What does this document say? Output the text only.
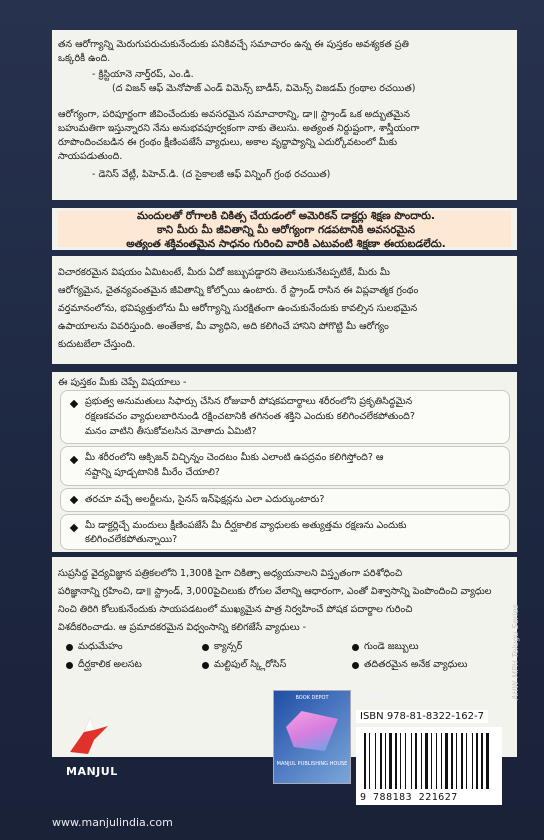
తన ఆరోగ్యాన్ని మెరుగుపరుచుకునేందుకు పనికివచ్చే సమాచారం ఉన్న ఈ పుస్తకం అవశ్యకత ప్రతి
ఒక్కరికీ ఉంది.
- క్రిస్టియానె నార్త్‌రప్, ఎం.డి.
(ద విజన్ ఆఫ్ మెనోపాజ్ ఎండ్ విమెన్స్ బాడీస్, విమెన్స్ విజడమ్ గ్రంథాల రచయిత)
ఆరోగ్యంగా, పరిపూర్ణంగా జీవించేందుకు అవసరమైన సమాచారాన్ని, డా॥ స్ట్రాండ్ ఒక అద్భుతమైన
బహుమతిగా ఇస్తున్నారని నేను అనుభవపూర్వకంగా నాకు తెలుసు. అత్యంత నిర్దుష్టంగా, శాస్త్రీయంగా
రూపొందించబడిన ఈ గ్రంథం క్షీణింపజేసే వ్యాధులు, అకాల వృద్ధాప్యాన్ని ఎదుర్కోవటంలో మీకు
సాయపడుతుంది.
- డెనిస్ వేట్లీ, పిహెచ్.డి. (ద సైకాలజీ ఆఫ్ విన్నింగ్ గ్రంథ రచయిత)
మందులతో రోగాలకి చికిత్స చేయడంలో అమెరికన్ డాక్టర్లు శిక్షణ పొందారు.
కాని మీరు మీ జీవితాన్ని మీ ఆరోగ్యంగా గడపటానికి అవసరమైన
అత్యంత శక్తివంతమైన సాధనం గురించి వారికి ఎటువంటి శిక్షణా ఈయబడలేదు.
విచారకరమైన విషయం ఏమిటంటే, మీరు ఏదో జబ్బుపడ్డారని తెలుసుకునేటప్పటికే, మీరు మీ
ఆరోగ్యమైన, చైతన్యవంతమైన జీవితాన్ని కోల్పోయి ఉంటారు. రే స్ట్రాండ్ రాసిన ఈ విప్లవాత్మక గ్రంథం
వర్తమానంలోను, భవిష్యత్తులోను మీ ఆరోగ్యాన్ని సురక్షితంగా ఉంచుకునేందుకు కావల్సిన సులభమైన
ఉపాయాలను వివరిస్తుంది. అంతేకాక, మీ వ్యాధిని, అది కలిగించే హానిని పోగొట్టి మీ ఆరోగ్యం
కుదుటబేలా చేస్తుంది.
ఈ పుస్తకం మీకు చెప్పే విషయాలు -
ప్రభుత్వ అనుమతులు సిఫార్సు చేసిన రోజువారీ పోషకపదార్థాలు శరీరంలోని ప్రకృతిసిద్ధమైన
రక్షణకవచం వ్యాధులబారినుండి రక్షించటానికి తగినంత శక్తిని ఎందుకు కలిగించలేకపోతుంది?
మనం వాటిని తీసుకోవలసిన మోతాదు ఏమిటి?
మీ శరీరంలోని ఆక్సిజన్ విచ్ఛిన్నం చెందటం మీకు ఎలాంటి ఉపద్రవం కలిగిస్తోంది? ఆ
నష్టాన్ని పూడ్చటానికి మీరేం చేయాలి?
తరచూ వచ్చే అలర్జీలను, సైనస్ ఇన్‌ఫెక్షన్లను ఎలా ఎదుర్కుంటారు?
మీ డాక్టర్లిచ్చే మందులు క్షీణింపజేసే మీ దీర్ఘకాలిక వ్యాధులకు అత్యుత్తమ రక్షణను ఎందుకు
కలిగించలేకపోతున్నాయి?
సుప్రసిద్ధ వైద్యవిజ్ఞాన పత్రికలలోని 1,300కి పైగా చికిత్సా అధ్యయనాలని విస్తృతంగా పరిశోధించి
పరిజ్ఞానాన్ని గ్రహించి, డా॥ స్ట్రాండ్, 3,000పైచిలుకు రోగుల వేలాన్ని ఆధారంగా, ఎంతో విశ్వాసాన్ని పెంపొందించి వ్యాధుల
నించి తిరిగి కోలుకునేందుకు సాయపడటంలో ముఖ్యమైన పాత్ర నిర్వహించే పోషక పదార్థాల గురించి
విశదీకరించాడు. ఆ ప్రమాదకరమైన విధ్వంసాన్ని కలిగజేసే వ్యాధులు -
మధుమేహం	క్యాన్సర్	గుండె జబ్బులు
దీర్ఘకాలిక అలసట	మల్టిపుల్ స్క్లిరోసిస్	తదితరమైన అనేక వ్యాధులు
MANJUL
www.manjulindia.com
BOOK DEPOT
MANJUL PUBLISHING HOUSE
₹199 Health & Well-being
ISBN 978-81-8322-162-7
9 788183 221627
AHW MPH Telugu Series
